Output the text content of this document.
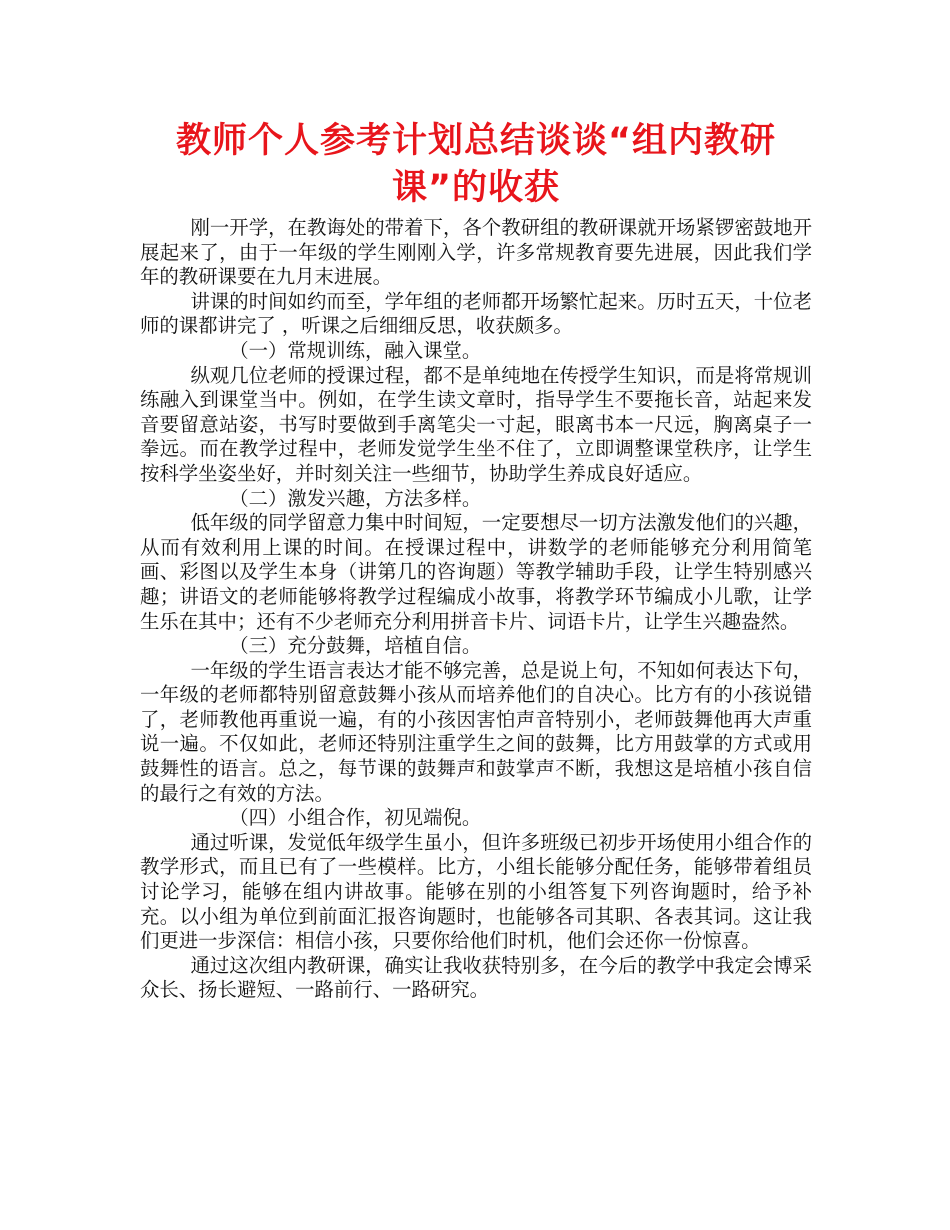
教师个人参考计划总结谈谈“组内教研课”的收获

刚一开学，在教诲处的带着下，各个教研组的教研课就开场紧锣密鼓地开展起来了，由于一年级的学生刚刚入学，许多常规教育要先进展，因此我们学年的教研课要在九月末进展。

讲课的时间如约而至，学年组的老师都开场繁忙起来。历时五天，十位老师的课都讲完了 ，听课之后细细反思，收获颇多。

（一）常规训练，融入课堂。

纵观几位老师的授课过程，都不是单纯地在传授学生知识，而是将常规训练融入到课堂当中。例如，在学生读文章时，指导学生不要拖长音，站起来发音要留意站姿，书写时要做到手离笔尖一寸起，眼离书本一尺远，胸离桌子一拳远。而在教学过程中，老师发觉学生坐不住了，立即调整课堂秩序，让学生按科学坐姿坐好，并时刻关注一些细节，协助学生养成良好适应。

（二）激发兴趣，方法多样。

低年级的同学留意力集中时间短，一定要想尽一切方法激发他们的兴趣，从而有效利用上课的时间。在授课过程中，讲数学的老师能够充分利用简笔画、彩图以及学生本身（讲第几的咨询题）等教学辅助手段，让学生特别感兴趣；讲语文的老师能够将教学过程编成小故事，将教学环节编成小儿歌，让学生乐在其中；还有不少老师充分利用拼音卡片、词语卡片，让学生兴趣盎然。

（三）充分鼓舞，培植自信。

一年级的学生语言表达才能不够完善，总是说上句，不知如何表达下句，一年级的老师都特别留意鼓舞小孩从而培养他们的自决心。比方有的小孩说错了，老师教他再重说一遍，有的小孩因害怕声音特别小，老师鼓舞他再大声重说一遍。不仅如此，老师还特别注重学生之间的鼓舞，比方用鼓掌的方式或用鼓舞性的语言。总之，每节课的鼓舞声和鼓掌声不断，我想这是培植小孩自信的最行之有效的方法。

（四）小组合作，初见端倪。

通过听课，发觉低年级学生虽小，但许多班级已初步开场使用小组合作的教学形式，而且已有了一些模样。比方，小组长能够分配任务，能够带着组员讨论学习，能够在组内讲故事。能够在别的小组答复下列咨询题时，给予补充。以小组为单位到前面汇报咨询题时，也能够各司其职、各表其词。这让我们更进一步深信：相信小孩，只要你给他们时机，他们会还你一份惊喜。

通过这次组内教研课，确实让我收获特别多，在今后的教学中我定会博采众长、扬长避短、一路前行、一路研究。
